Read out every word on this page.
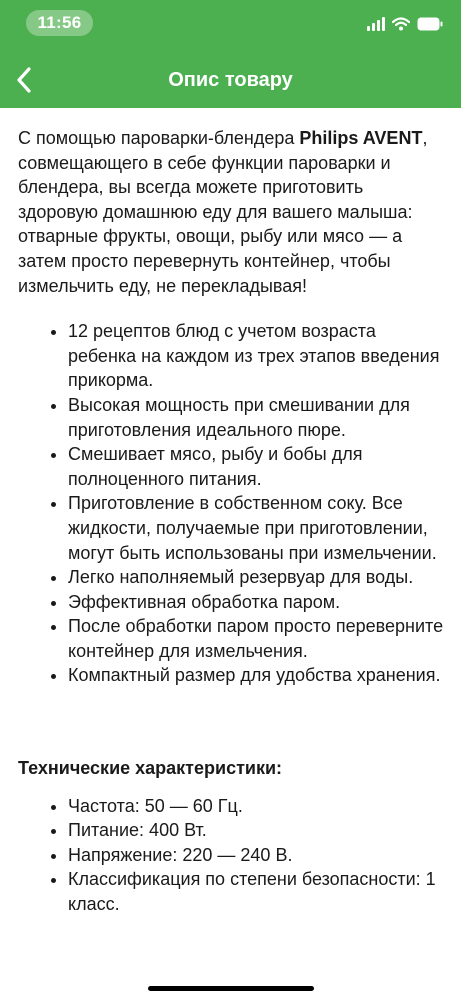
11:56
Опис товару

С помощью пароварки-блендера Philips AVENT, совмещающего в себе функции пароварки и блендера, вы всегда можете приготовить здоровую домашнюю еду для вашего малыша: отварные фрукты, овощи, рыбу или мясо — а затем просто перевернуть контейнер, чтобы измельчить еду, не перекладывая!

• 12 рецептов блюд с учетом возраста ребенка на каждом из трех этапов введения прикорма.
• Высокая мощность при смешивании для приготовления идеального пюре.
• Смешивает мясо, рыбу и бобы для полноценного питания.
• Приготовление в собственном соку. Все жидкости, получаемые при приготовлении, могут быть использованы при измельчении.
• Легко наполняемый резервуар для воды.
• Эффективная обработка паром.
• После обработки паром просто переверните контейнер для измельчения.
• Компактный размер для удобства хранения.
Технические характеристики:
• Частота: 50 — 60 Гц.
• Питание: 400 Вт.
• Напряжение: 220 — 240 В.
• Классификация по степени безопасности: 1 класс.
